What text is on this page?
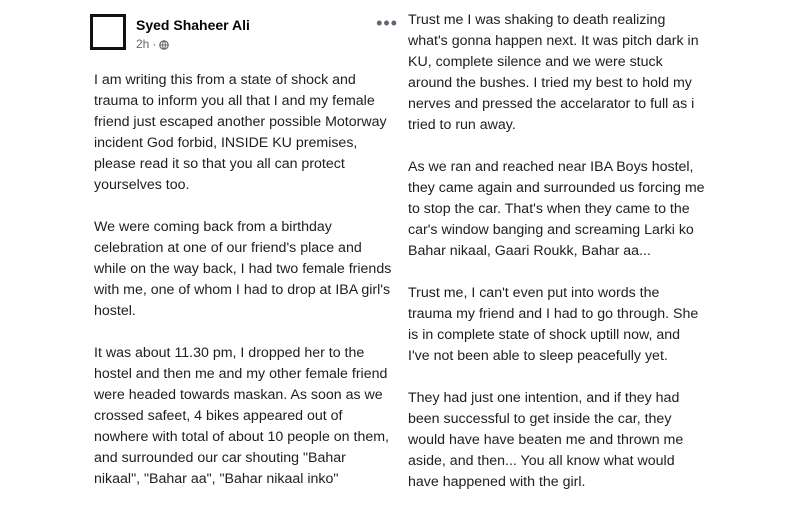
Syed Shaheer Ali
2h ·
•••

I am writing this from a state of shock and
trauma to inform you all that I and my female
friend just escaped another possible Motorway
incident God forbid, INSIDE KU premises,
please read it so that you all can protect
yourselves too.

We were coming back from a birthday
celebration at one of our friend's place and
while on the way back, I had two female friends
with me, one of whom I had to drop at IBA girl's
hostel.

It was about 11.30 pm, I dropped her to the
hostel and then me and my other female friend
were headed towards maskan. As soon as we
crossed safeet, 4 bikes appeared out of
nowhere with total of about 10 people on them,
and surrounded our car shouting "Bahar
nikaal", "Bahar aa", "Bahar nikaal inko"

Trust me I was shaking to death realizing
what's gonna happen next. It was pitch dark in
KU, complete silence and we were stuck
around the bushes. I tried my best to hold my
nerves and pressed the accelarator to full as i
tried to run away.

As we ran and reached near IBA Boys hostel,
they came again and surrounded us forcing me
to stop the car. That's when they came to the
car's window banging and screaming Larki ko
Bahar nikaal, Gaari Roukk, Bahar aa...

Trust me, I can't even put into words the
trauma my friend and I had to go through. She
is in complete state of shock uptill now, and
I've not been able to sleep peacefully yet.

They had just one intention, and if they had
been successful to get inside the car, they
would have have beaten me and thrown me
aside, and then... You all know what would
have happened with the girl.
